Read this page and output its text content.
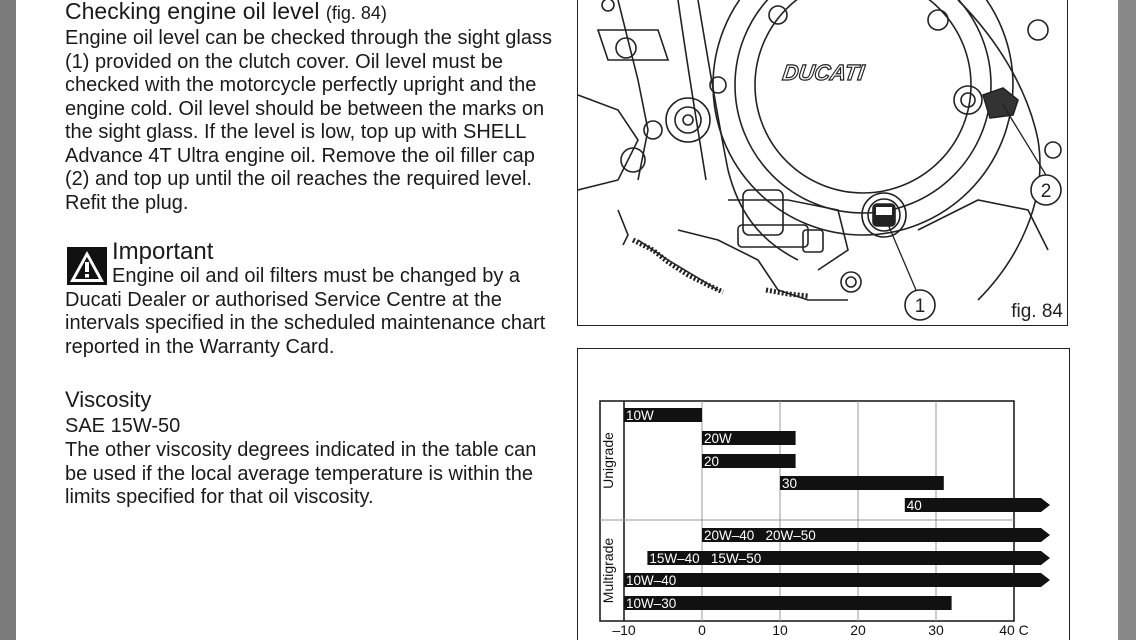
Checking engine oil level (fig. 84)
Engine oil level can be checked through the sight glass (1) provided on the clutch cover. Oil level must be checked with the motorcycle perfectly upright and the engine cold. Oil level should be between the marks on the sight glass. If the level is low, top up with SHELL Advance 4T Ultra engine oil. Remove the oil filler cap (2) and top up until the oil reaches the required level. Refit the plug.
Important
Engine oil and oil filters must be changed by a Ducati Dealer or authorised Service Centre at the intervals specified in the scheduled maintenance chart reported in the Warranty Card.
Viscosity
SAE 15W-50
The other viscosity degrees indicated in the table can be used if the local average temperature is within the limits specified for that oil viscosity.
DUCATI
1
2
fig. 84
–10	0	10	20	30	40 C
Unigrade
Multigrade
10W
20W
20
30
40
20W–40   20W–50
15W–40   15W–50
10W–40
10W–30
